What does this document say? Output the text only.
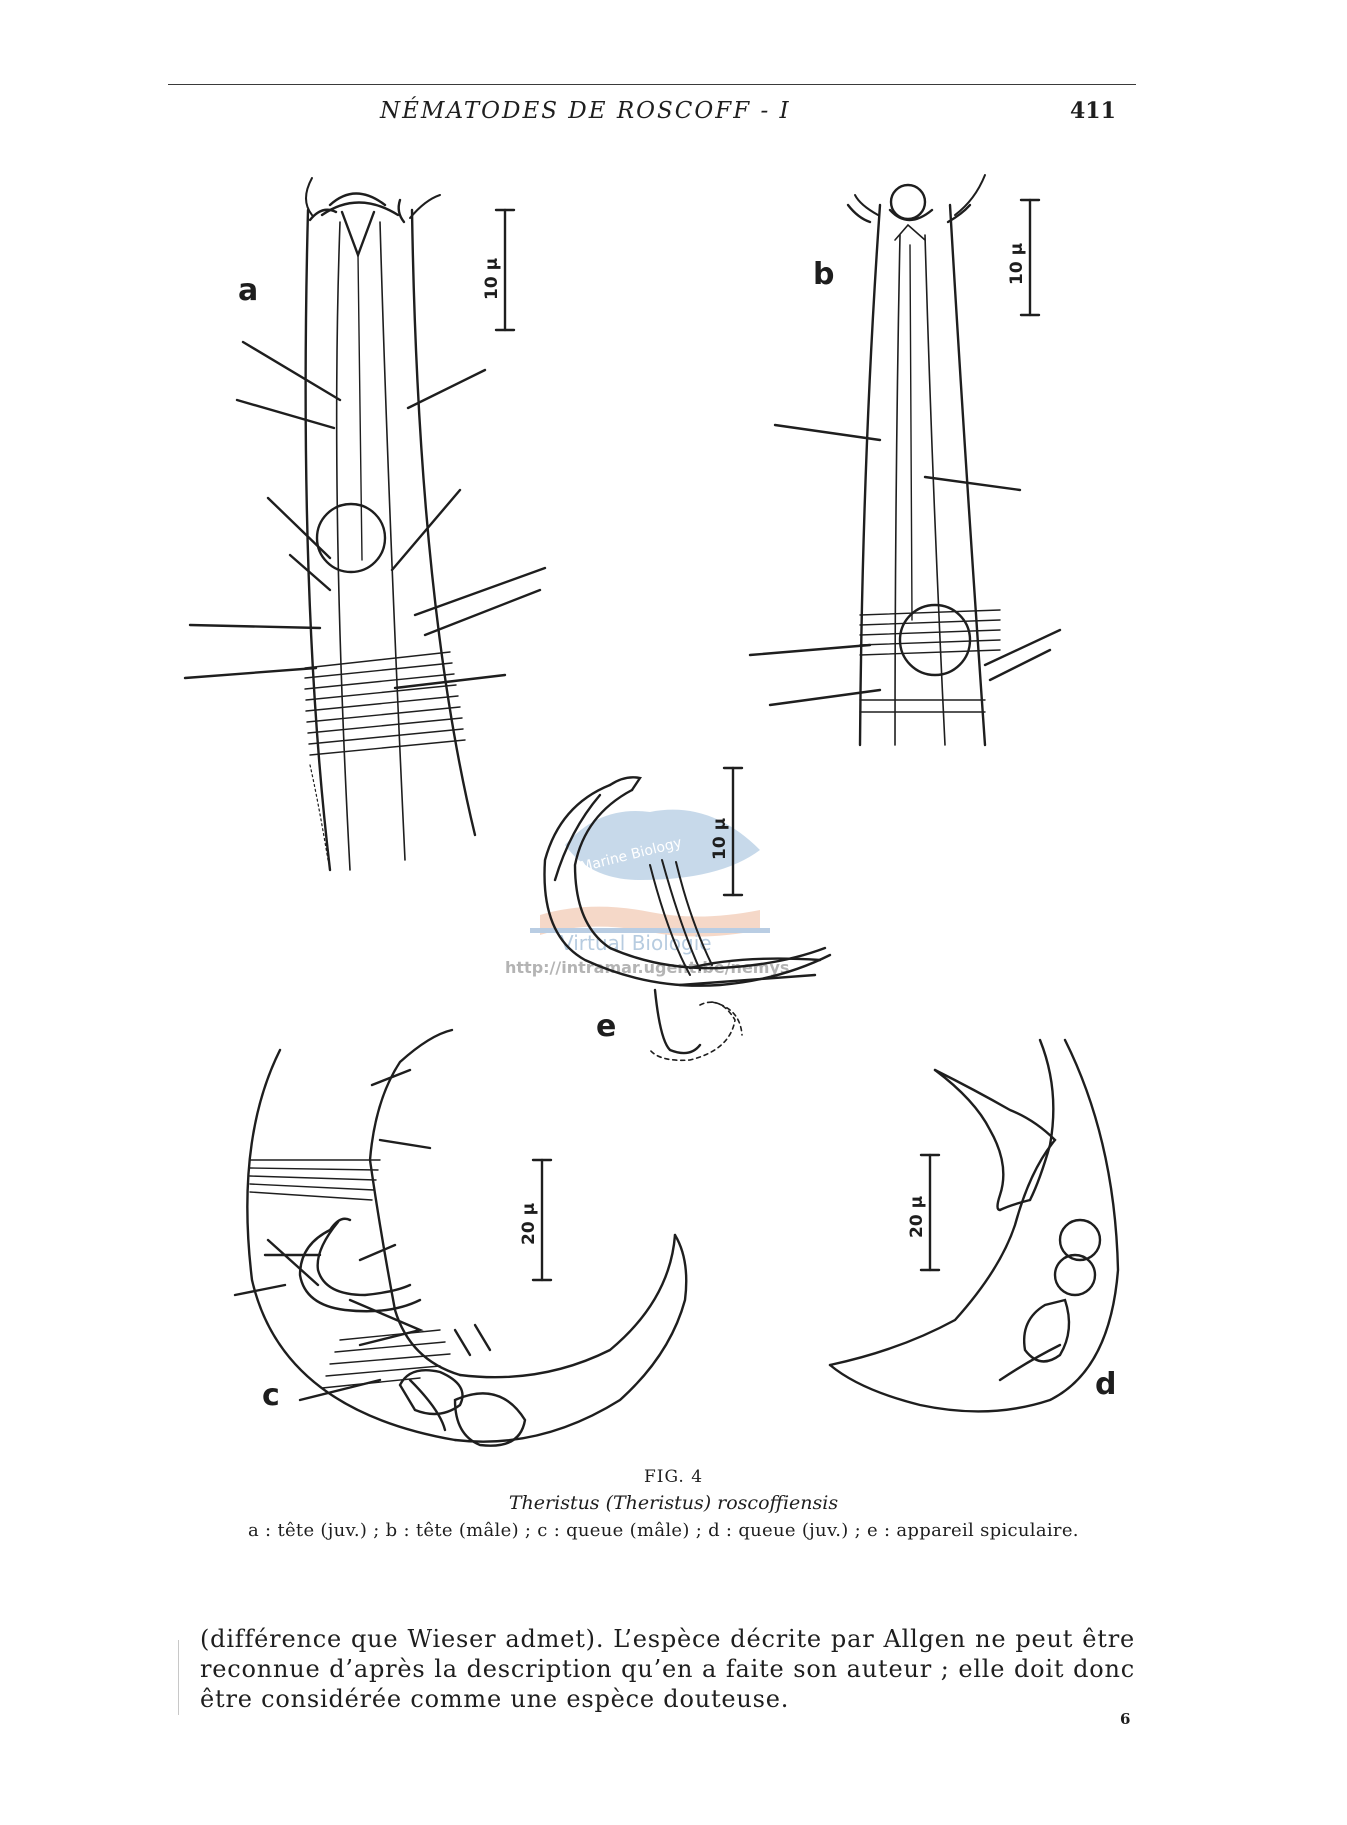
NÉMATODES DE ROSCOFF - I	411
Marine Biology
Virtual Biologie
http://intramar.ugent.be/nemys
10 µ
a
10 µ
b
10 µ
e
20 µ
c
20 µ
d
FIG. 4
Theristus (Theristus) roscoffiensis
a : tête (juv.) ; b : tête (mâle) ; c : queue (mâle) ; d : queue (juv.) ; e : appareil spiculaire.
(différence que Wieser admet). L’espèce décrite par Allgen ne peut être reconnue d’après la description qu’en a faite son auteur ; elle doit donc être considérée comme une espèce douteuse.
6
